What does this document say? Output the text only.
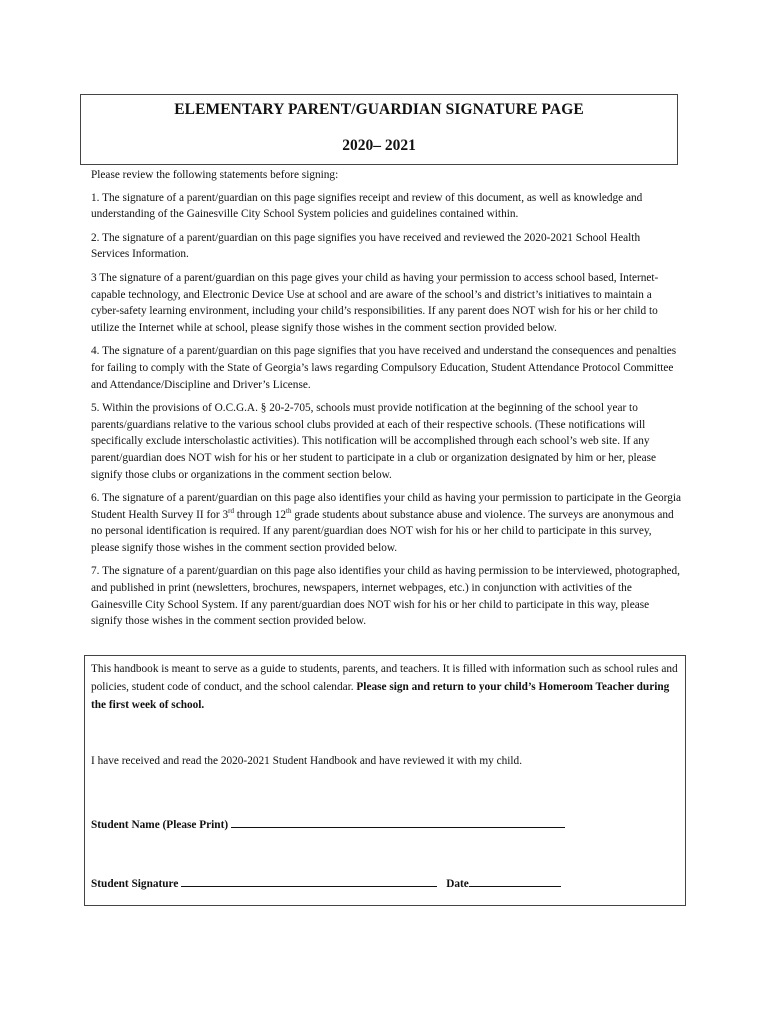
ELEMENTARY PARENT/GUARDIAN SIGNATURE PAGE
2020– 2021

Please review the following statements before signing:

1. The signature of a parent/guardian on this page signifies receipt and review of this document, as well as knowledge and understanding of the Gainesville City School System policies and guidelines contained within.

2. The signature of a parent/guardian on this page signifies you have received and reviewed the 2020-2021 School Health Services Information.

3 The signature of a parent/guardian on this page gives your child as having your permission to access school based, Internet-capable technology, and Electronic Device Use at school and are aware of the school’s and district’s initiatives to maintain a cyber-safety learning environment, including your child’s responsibilities. If any parent does NOT wish for his or her child to utilize the Internet while at school, please signify those wishes in the comment section provided below.

4. The signature of a parent/guardian on this page signifies that you have received and understand the consequences and penalties for failing to comply with the State of Georgia’s laws regarding Compulsory Education, Student Attendance Protocol Committee and Attendance/Discipline and Driver’s License.

5. Within the provisions of O.C.G.A. § 20-2-705, schools must provide notification at the beginning of the school year to parents/guardians relative to the various school clubs provided at each of their respective schools. (These notifications will specifically exclude interscholastic activities). This notification will be accomplished through each school’s web site. If any parent/guardian does NOT wish for his or her student to participate in a club or organization designated by him or her, please signify those clubs or organizations in the comment section below.

6. The signature of a parent/guardian on this page also identifies your child as having your permission to participate in the Georgia Student Health Survey II for 3rd through 12th grade students about substance abuse and violence. The surveys are anonymous and no personal identification is required. If any parent/guardian does NOT wish for his or her child to participate in this survey, please signify those wishes in the comment section provided below.

7. The signature of a parent/guardian on this page also identifies your child as having permission to be interviewed, photographed, and published in print (newsletters, brochures, newspapers, internet webpages, etc.) in conjunction with activities of the Gainesville City School System. If any parent/guardian does NOT wish for his or her child to participate in this way, please signify those wishes in the comment section provided below.

This handbook is meant to serve as a guide to students, parents, and teachers. It is filled with information such as school rules and policies, student code of conduct, and the school calendar. Please sign and return to your child’s Homeroom Teacher during the first week of school.
I have received and read the 2020-2021 Student Handbook and have reviewed it with my child.
Student Name (Please Print)
Student Signature	Date
